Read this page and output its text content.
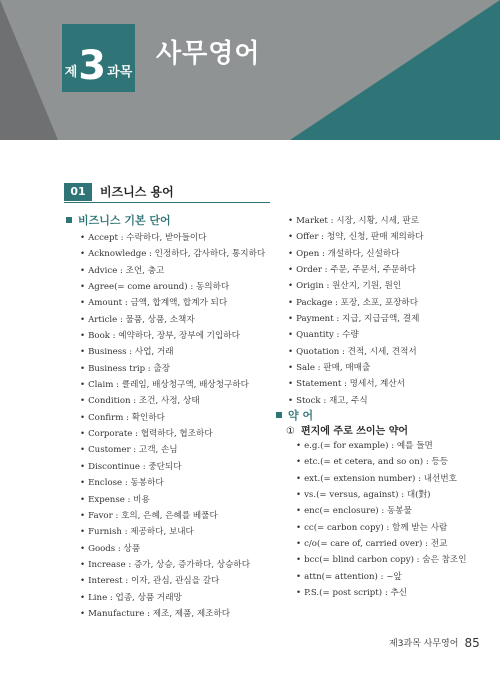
제 3 과목
사무영어
01	비즈니스 용어
비즈니스 기본 단어
• Accept : 수락하다, 받아들이다
• Acknowledge : 인정하다, 감사하다, 통지하다
• Advice : 조언, 충고
• Agree(= come around) : 동의하다
• Amount : 금액, 합계액, 합계가 되다
• Article : 물품, 상품, 소책자
• Book : 예약하다, 장부, 장부에 기입하다
• Business : 사업, 거래
• Business trip : 출장
• Claim : 클레임, 배상청구액, 배상청구하다
• Condition : 조건, 사정, 상태
• Confirm : 확인하다
• Corporate : 협력하다, 협조하다
• Customer : 고객, 손님
• Discontinue : 중단되다
• Enclose : 동봉하다
• Expense : 비용
• Favor : 호의, 은혜, 은혜를 베풀다
• Furnish : 제공하다, 보내다
• Goods : 상품
• Increase : 증가, 상승, 증가하다, 상승하다
• Interest : 이자, 관심, 관심을 갈다
• Line : 업종, 상품 거래망
• Manufacture : 제조, 제품, 제조하다
• Market : 시장, 시황, 시세, 판로
• Offer : 청약, 신청, 판매 제의하다
• Open : 개설하다, 신설하다
• Order : 주문, 주문서, 주문하다
• Origin : 원산지, 기원, 원인
• Package : 포장, 소포, 포장하다
• Payment : 지급, 지급금액, 결제
• Quantity : 수량
• Quotation : 견적, 시세, 견적서
• Sale : 판매, 매매출
• Statement : 명세서, 계산서
• Stock : 재고, 주식
약 어
① 편지에 주로 쓰이는 약어
• e.g.(= for example) : 예를 들면
• etc.(= et cetera, and so on) : 등등
• ext.(= extension number) : 내선번호
• vs.(= versus, against) : 대(對)
• enc(= enclosure) : 동봉물
• cc(= carbon copy) : 함께 받는 사람
• c/o(= care of, carried over) : 전교
• bcc(= blind carbon copy) : 숨은 참조인
• attn(= attention) : ~앞
• P.S.(= post script) : 추신
제3과목 사무영어 85
